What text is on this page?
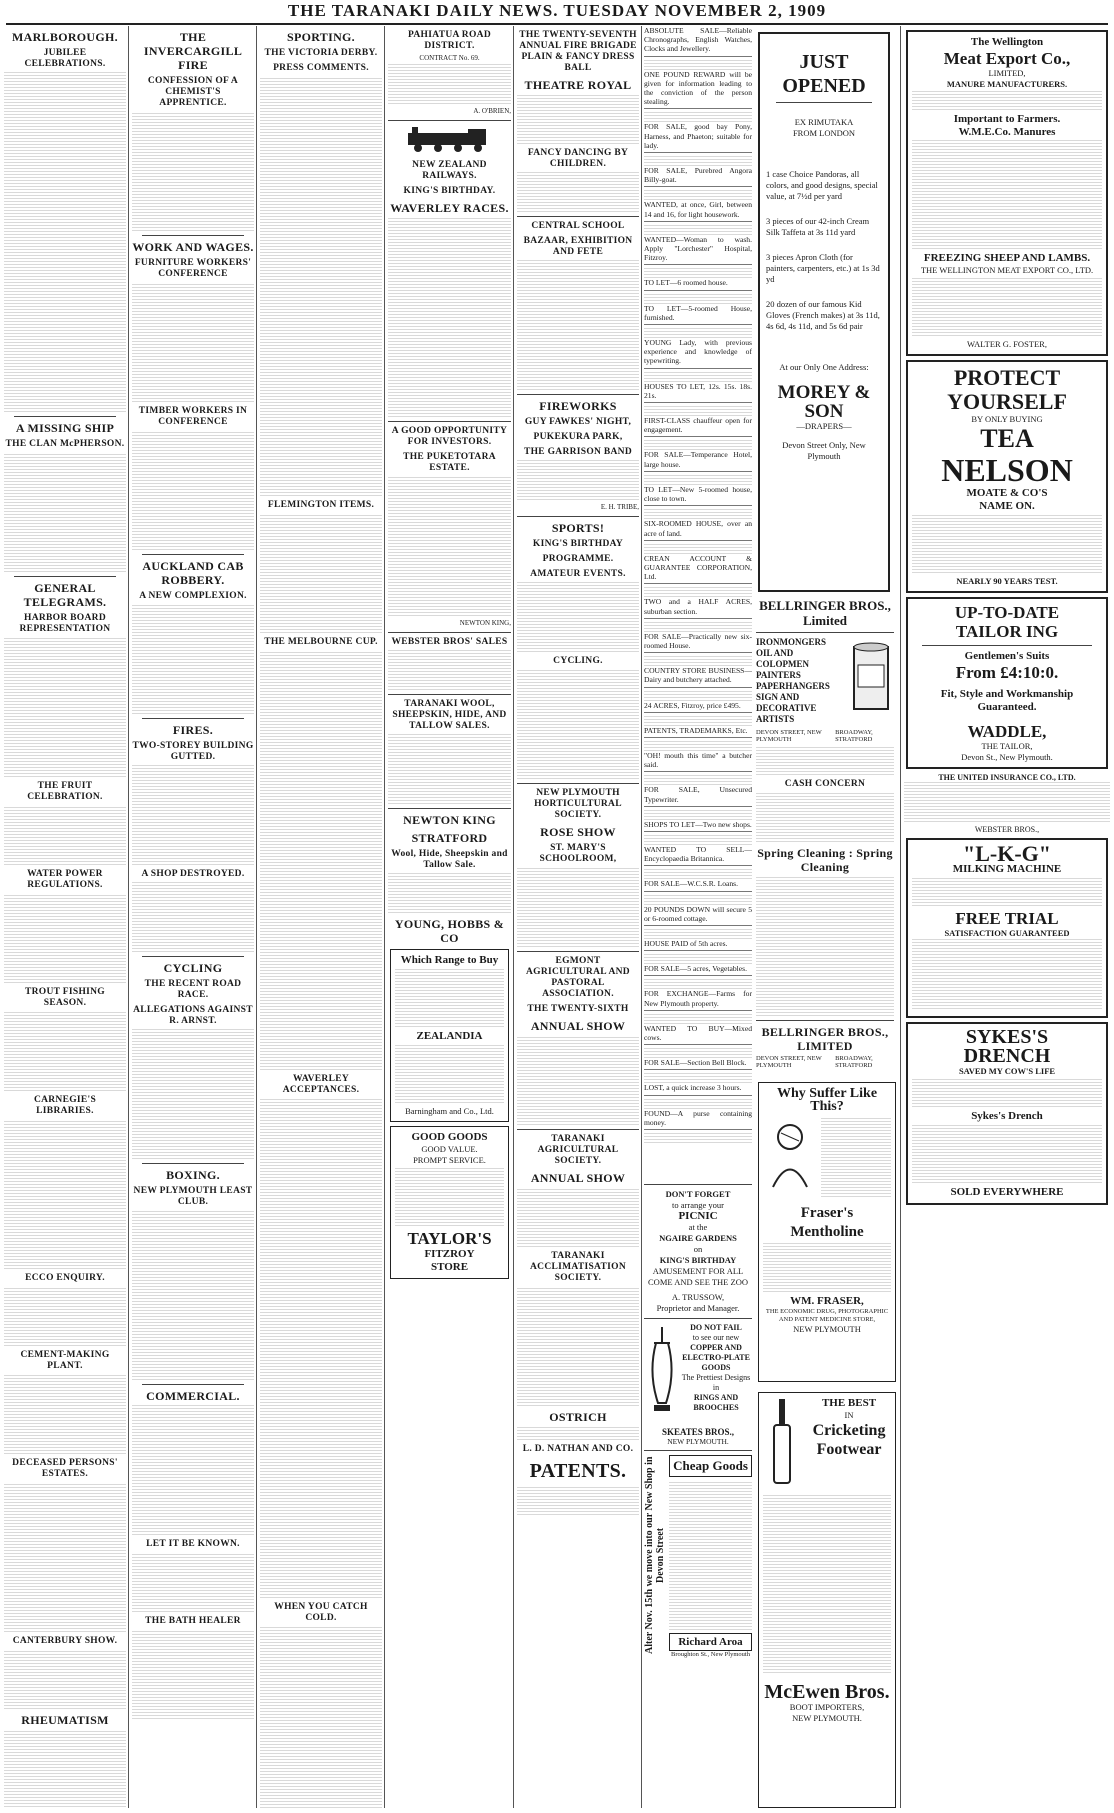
THE TARANAKI DAILY NEWS. TUESDAY NOVEMBER 2, 1909
MARLBOROUGH.
JUBILEE CELEBRATIONS.
A MISSING SHIP
THE CLAN McPHERSON.
GENERAL TELEGRAMS.
HARBOR BOARD REPRESENTATION
THE FRUIT CELEBRATION.
WATER POWER REGULATIONS.
TROUT FISHING SEASON.
CARNEGIE'S LIBRARIES.
ECCO ENQUIRY.
CEMENT-MAKING PLANT.
DECEASED PERSONS' ESTATES.
CANTERBURY SHOW.
RHEUMATISM
THE INVERCARGILL FIRE
CONFESSION OF A CHEMIST'S APPRENTICE.
WORK AND WAGES.
FURNITURE WORKERS' CONFERENCE
TIMBER WORKERS IN CONFERENCE
AUCKLAND CAB ROBBERY.
A NEW COMPLEXION.
FIRES.
TWO-STOREY BUILDING GUTTED.
A SHOP DESTROYED.
CYCLING
THE RECENT ROAD RACE.
ALLEGATIONS AGAINST R. ARNST.
BOXING.
NEW PLYMOUTH LEAST CLUB.
COMMERCIAL.
LET IT BE KNOWN.
THE BATH HEALER
SPORTING.
THE VICTORIA DERBY.
PRESS COMMENTS.
FLEMINGTON ITEMS.
THE MELBOURNE CUP.
WAVERLEY ACCEPTANCES.
WHEN YOU CATCH COLD.
PAHIATUA ROAD DISTRICT.
CONTRACT No. 69.
A. O'BRIEN,
NEW ZEALAND RAILWAYS.
KING'S BIRTHDAY.
WAVERLEY RACES.
A GOOD OPPORTUNITY FOR INVESTORS.
THE PUKETOTARA ESTATE.
NEWTON KING,
WEBSTER BROS' SALES
TARANAKI WOOL, SHEEPSKIN, HIDE, AND TALLOW SALES.
NEWTON KING
STRATFORD
Wool, Hide, Sheepskin and Tallow Sale.
YOUNG, HOBBS & CO
Which Range to Buy
ZEALANDIA
Barningham and Co., Ltd.
GOOD GOODS
GOOD VALUE.
PROMPT SERVICE.
TAYLOR'S
FITZROY
STORE
THE TWENTY-SEVENTH ANNUAL FIRE BRIGADE PLAIN & FANCY DRESS BALL
THEATRE ROYAL
FANCY DANCING BY CHILDREN.
CENTRAL SCHOOL
BAZAAR, EXHIBITION AND FETE
FIREWORKS
GUY FAWKES' NIGHT,
PUKEKURA PARK,
THE GARRISON BAND
E. H. TRIBE,
SPORTS!
KING'S BIRTHDAY
PROGRAMME.
AMATEUR EVENTS.
CYCLING.
NEW PLYMOUTH HORTICULTURAL SOCIETY.
ROSE SHOW
ST. MARY'S SCHOOLROOM,
EGMONT AGRICULTURAL AND PASTORAL ASSOCIATION.
THE TWENTY-SIXTH
ANNUAL SHOW
TARANAKI AGRICULTURAL SOCIETY.
ANNUAL SHOW
TARANAKI ACCLIMATISATION SOCIETY.
OSTRICH
L. D. NATHAN AND CO.
PATENTS.
ABSOLUTE SALE—Reliable Chronographs, English Watches, Clocks and Jewellery.
ONE POUND REWARD will be given for information leading to the conviction of the person stealing.
FOR SALE, good bay Pony, Harness, and Phaeton; suitable for lady.
FOR SALE, Purebred Angora Billy-goat.
WANTED, at once, Girl, between 14 and 16, for light housework.
WANTED—Woman to wash. Apply "Lorchester" Hospital, Fitzroy.
TO LET—6 roomed house.
TO LET—5-roomed House, furnished.
YOUNG Lady, with previous experience and knowledge of typewriting.
HOUSES TO LET, 12s. 15s. 18s. 21s.
FIRST-CLASS chauffeur open for engagement.
FOR SALE—Temperance Hotel, large house.
TO LET—New 5-roomed house, close to town.
SIX-ROOMED HOUSE, over an acre of land.
CREAN ACCOUNT & GUARANTEE CORPORATION, Ltd.
TWO and a HALF ACRES, suburban section.
FOR SALE—Practically new six-roomed House.
COUNTRY STORE BUSINESS—Dairy and butchery attached.
24 ACRES, Fitzroy, price £495.
PATENTS, TRADEMARKS, Etc.
"OH! mouth this time" a butcher said.
FOR SALE, Unsecured Typewriter.
SHOPS TO LET—Two new shops.
WANTED TO SELL—Encyclopaedia Britannica.
FOR SALE—W.C.S.R. Loans.
20 POUNDS DOWN will secure 5 or 6-roomed cottage.
HOUSE PAID of 5th acres.
FOR SALE—5 acres, Vegetables.
FOR EXCHANGE—Farms for New Plymouth property.
WANTED TO BUY—Mixed cows.
FOR SALE—Section Bell Block.
LOST, a quick increase 3 hours.
FOUND—A purse containing money.
JUST OPENED
EX RIMUTAKA
FROM LONDON
1 case Choice Pandoras, all colors, and good designs, special value, at 7½d per yard
3 pieces of our 42-inch Cream Silk Taffeta at 3s 11d yard
3 pieces Apron Cloth (for painters, carpenters, etc.) at 1s 3d yd
20 dozen of our famous Kid Gloves (French makes) at 3s 11d, 4s 6d, 4s 11d, and 5s 6d pair
At our Only One Address:
MOREY & SON
—DRAPERS—
Devon Street Only, New Plymouth
BELLRINGER BROS., Limited
IRONMONGERS
OIL AND
COLOPMEN
PAINTERS
PAPERHANGERS
SIGN AND
DECORATIVE
ARTISTS
DEVON STREET, NEW PLYMOUTH
BROADWAY, STRATFORD
CASH CONCERN
Spring Cleaning : Spring Cleaning
BELLRINGER BROS., LIMITED
DEVON STREET, NEW PLYMOUTH
BROADWAY, STRATFORD
Why Suffer Like This?
Fraser's Mentholine
WM. FRASER,
THE ECONOMIC DRUG, PHOTOGRAPHIC AND PATENT MEDICINE STORE,
NEW PLYMOUTH
THE BEST
IN
Cricketing
Footwear
McEwen Bros.
BOOT IMPORTERS,
NEW PLYMOUTH.
The Wellington
Meat Export Co.,
LIMITED,
MANURE MANUFACTURERS.
Important to Farmers.
W.M.E.Co. Manures
FREEZING SHEEP AND LAMBS.
THE WELLINGTON MEAT EXPORT CO., LTD.
WALTER G. FOSTER,
PROTECT
YOURSELF
BY ONLY BUYING
TEA
NELSON
MOATE & CO'S
NAME ON.
NEARLY 90 YEARS TEST.
UP-TO-DATE
TAILOR ING
Gentlemen's Suits
From £4:10:0.
Fit, Style and Workmanship Guaranteed.
WADDLE,
THE TAILOR,
Devon St., New Plymouth.
THE UNITED INSURANCE CO., LTD.
WEBSTER BROS.,
"L-K-G"
MILKING MACHINE
FREE TRIAL
SATISFACTION GUARANTEED
SYKES'S
DRENCH
SAVED MY COW'S LIFE
Sykes's Drench
SOLD EVERYWHERE
DON'T FORGET
to arrange your
PICNIC
at the
NGAIRE GARDENS
on
KING'S BIRTHDAY
AMUSEMENT FOR ALL
COME AND SEE THE ZOO
A. TRUSSOW,
Proprietor and Manager.
DO NOT FAIL
to see our new
COPPER AND ELECTRO-PLATE GOODS
The Prettiest Designs in
RINGS AND BROOCHES
SKEATES BROS.,
NEW PLYMOUTH.
Alter Nov. 15th we move into our New Shop in Devon Street
Cheap Goods
Richard Aroa
Broughton St., New Plymouth
